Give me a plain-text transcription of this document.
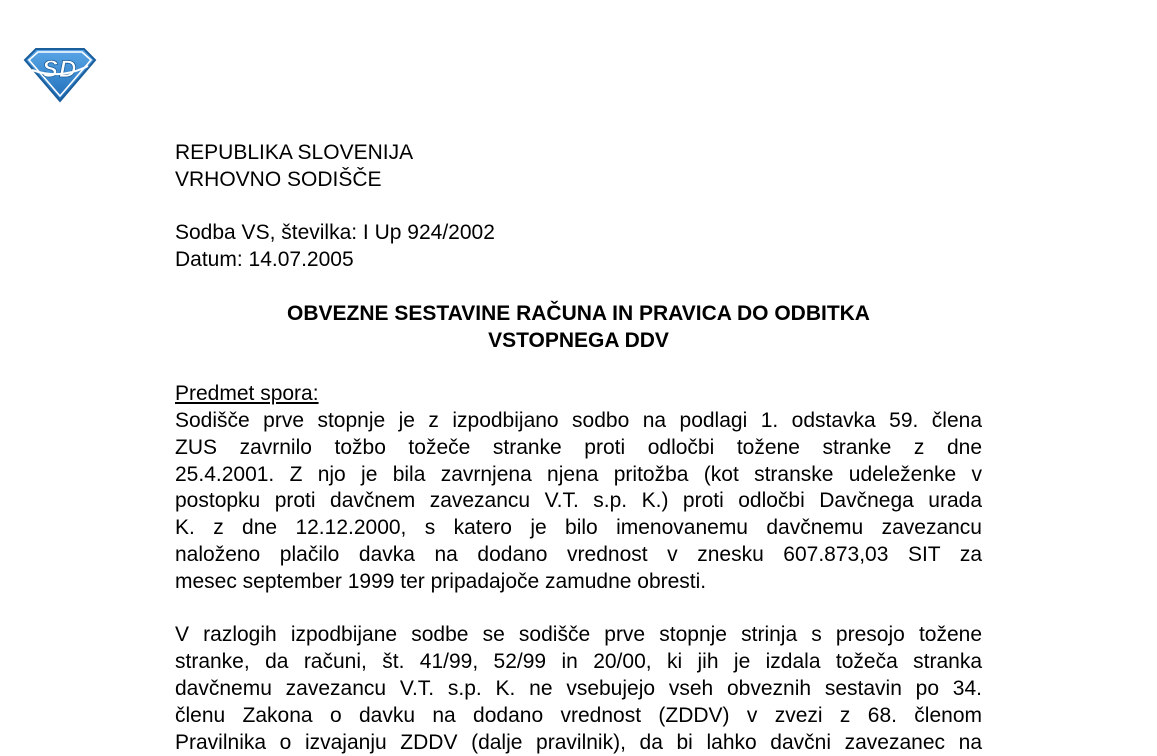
S D
REPUBLIKA SLOVENIJA
VRHOVNO SODIŠČE
Sodba VS, številka: I Up 924/2002
Datum: 14.07.2005
OBVEZNE SESTAVINE RAČUNA IN PRAVICA DO ODBITKA
VSTOPNEGA DDV
Predmet spora:
Sodišče prve stopnje je z izpodbijano sodbo na podlagi 1. odstavka 59. člena
ZUS zavrnilo tožbo tožeče stranke proti odločbi tožene stranke z dne
25.4.2001. Z njo je bila zavrnjena njena pritožba (kot stranske udeleženke v
postopku proti davčnem zavezancu V.T. s.p. K.) proti odločbi Davčnega urada
K. z dne 12.12.2000, s katero je bilo imenovanemu davčnemu zavezancu
naloženo plačilo davka na dodano vrednost v znesku 607.873,03 SIT za
mesec september 1999 ter pripadajoče zamudne obresti.
V razlogih izpodbijane sodbe se sodišče prve stopnje strinja s presojo tožene
stranke, da računi, št. 41/99, 52/99 in 20/00, ki jih je izdala tožeča stranka
davčnemu zavezancu V.T. s.p. K. ne vsebujejo vseh obveznih sestavin po 34.
členu Zakona o davku na dodano vrednost (ZDDV) v zvezi z 68. členom
Pravilnika o izvajanju ZDDV (dalje pravilnik), da bi lahko davčni zavezanec na
